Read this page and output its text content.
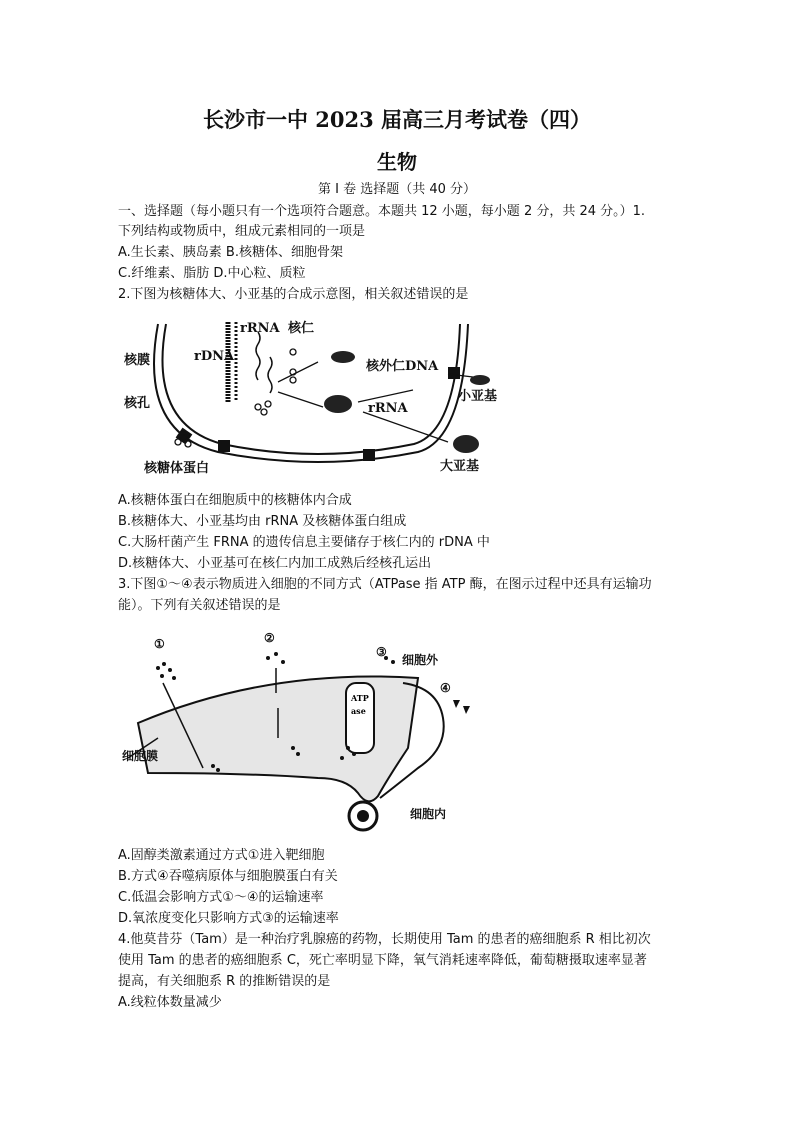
长沙市一中 2023 届高三月考试卷（四）
生物
第 I 卷 选择题（共 40 分）
一、选择题（每小题只有一个选项符合题意。本题共 12 小题，每小题 2 分，共 24 分。）1.
下列结构或物质中，组成元素相同的一项是
A.生长素、胰岛素 B.核糖体、细胞骨架
C.纤维素、脂肪 D.中心粒、质粒
2.下图为核糖体大、小亚基的合成示意图，相关叙述错误的是
rRNA 核仁
rDNA
核膜	核外仁DNA
小亚基
核孔	rRNA
核糖体蛋白	大亚基
A.核糖体蛋白在细胞质中的核糖体内合成
B.核糖体大、小亚基均由 rRNA 及核糖体蛋白组成
C.大肠杆菌产生 FRNA 的遗传信息主要储存于核仁内的 rDNA 中
D.核糖体大、小亚基可在核仁内加工成熟后经核孔运出
3.下图①～④表示物质进入细胞的不同方式（ATPase 指 ATP 酶，在图示过程中还具有运输功
能）。下列有关叙述错误的是
ATP
ase
①	②
③
④
细胞外
细胞膜
细胞内
A.固醇类激素通过方式①进入靶细胞
B.方式④吞噬病原体与细胞膜蛋白有关
C.低温会影响方式①～④的运输速率
D.氧浓度变化只影响方式③的运输速率
4.他莫昔芬（Tam）是一种治疗乳腺癌的药物，长期使用 Tam 的患者的癌细胞系 R 相比初次
使用 Tam 的患者的癌细胞系 C，死亡率明显下降，氧气消耗速率降低，葡萄糖摄取速率显著
提高，有关细胞系 R 的推断错误的是
A.线粒体数量减少
